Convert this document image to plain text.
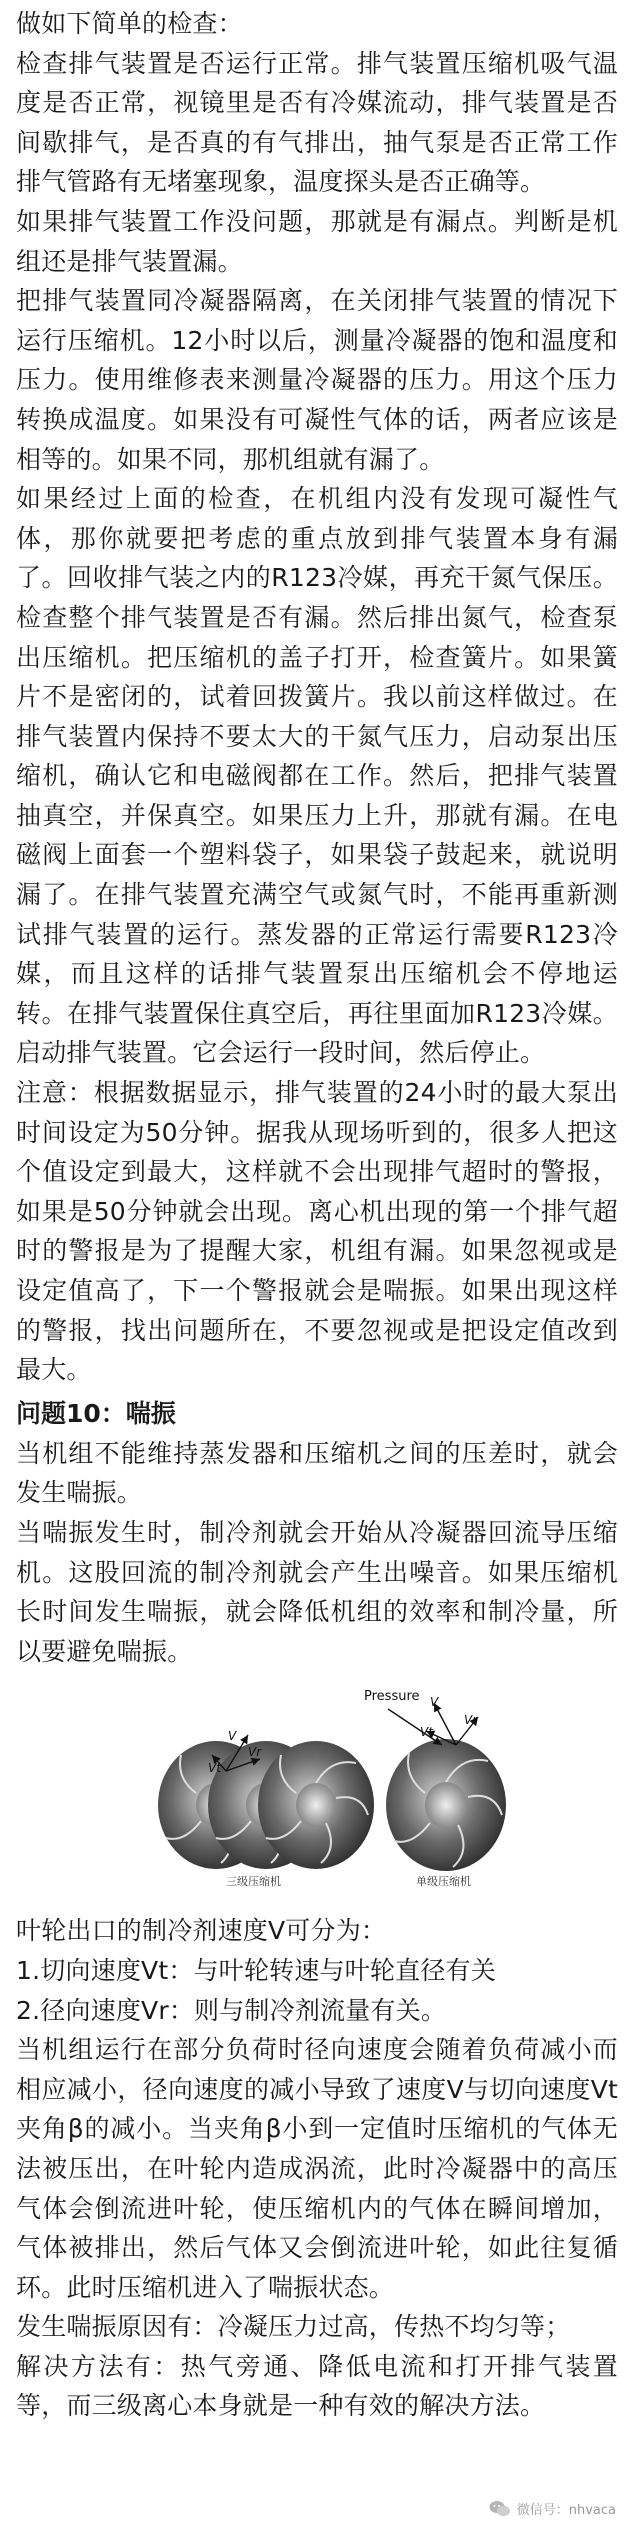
做如下简单的检查：

检查排气装置是否运行正常。排气装置压缩机吸气温度是否正常，视镜里是否有冷媒流动，排气装置是否间歇排气，是否真的有气排出，抽气泵是否正常工作排气管路有无堵塞现象，温度探头是否正确等。

如果排气装置工作没问题，那就是有漏点。判断是机组还是排气装置漏。

把排气装置同冷凝器隔离，在关闭排气装置的情况下运行压缩机。12小时以后，测量冷凝器的饱和温度和压力。使用维修表来测量冷凝器的压力。用这个压力转换成温度。如果没有可凝性气体的话，两者应该是相等的。如果不同，那机组就有漏了。

如果经过上面的检查，在机组内没有发现可凝性气体，那你就要把考虑的重点放到排气装置本身有漏了。回收排气装之内的R123冷媒，再充干氮气保压。检查整个排气装置是否有漏。然后排出氮气，检查泵出压缩机。把压缩机的盖子打开，检查簧片。如果簧片不是密闭的，试着回拨簧片。我以前这样做过。在排气装置内保持不要太大的干氮气压力，启动泵出压缩机，确认它和电磁阀都在工作。然后，把排气装置抽真空，并保真空。如果压力上升，那就有漏。在电磁阀上面套一个塑料袋子，如果袋子鼓起来，就说明漏了。在排气装置充满空气或氮气时，不能再重新测试排气装置的运行。蒸发器的正常运行需要R123冷媒，而且这样的话排气装置泵出压缩机会不停地运转。在排气装置保住真空后，再往里面加R123冷媒。启动排气装置。它会运行一段时间，然后停止。

注意：根据数据显示，排气装置的24小时的最大泵出时间设定为50分钟。据我从现场听到的，很多人把这个值设定到最大，这样就不会出现排气超时的警报，如果是50分钟就会出现。离心机出现的第一个排气超时的警报是为了提醒大家，机组有漏。如果忽视或是设定值高了，下一个警报就会是喘振。如果出现这样的警报，找出问题所在，不要忽视或是把设定值改到最大。

问题10：喘振

当机组不能维持蒸发器和压缩机之间的压差时，就会发生喘振。

当喘振发生时，制冷剂就会开始从冷凝器回流导压缩机。这股回流的制冷剂就会产生出噪音。如果压缩机长时间发生喘振，就会降低机组的效率和制冷量，所以要避免喘振。

Pressure V
Vr
Vt
V
Vr
Vt
三级压缩机	单级压缩机

叶轮出口的制冷剂速度V可分为：

1.切向速度Vt：与叶轮转速与叶轮直径有关

2.径向速度Vr：则与制冷剂流量有关。

当机组运行在部分负荷时径向速度会随着负荷减小而相应减小，径向速度的减小导致了速度V与切向速度Vt夹角β的减小。当夹角β小到一定值时压缩机的气体无法被压出，在叶轮内造成涡流，此时冷凝器中的高压气体会倒流进叶轮，使压缩机内的气体在瞬间增加，气体被排出，然后气体又会倒流进叶轮，如此往复循环。此时压缩机进入了喘振状态。

发生喘振原因有：冷凝压力过高，传热不均匀等；

解决方法有：热气旁通、降低电流和打开排气装置等，而三级离心本身就是一种有效的解决方法。

微信号：nhvaca
